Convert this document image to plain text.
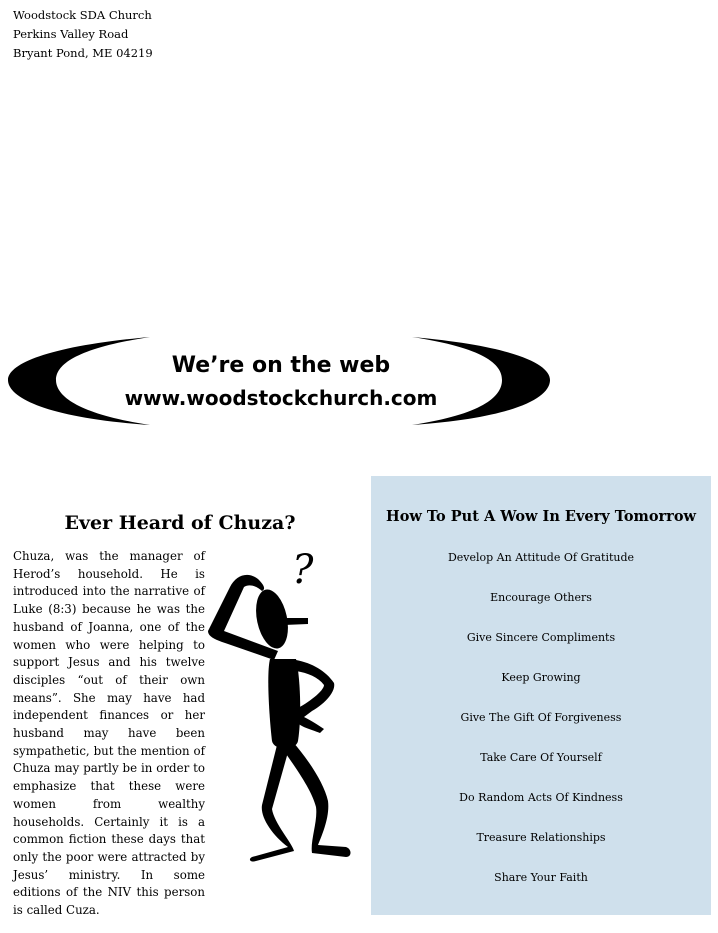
Woodstock SDA Church
Perkins Valley Road
Bryant Pond, ME 04219
We’re on the web
www.woodstockchurch.com
Ever Heard of Chuza?
Chuza, was the manager of Herod’s household. He is introduced into the narrative of Luke (8:3) because he was the husband of Joanna, one of the women who were helping to support Jesus and his twelve disciples “out of their own means”. She may have had independent finances or her husband may have been sympathetic, but the mention of Chuza may partly be in order to emphasize that these were women from wealthy households. Certainly it is a common fiction these days that only the poor were attracted by Jesus’ ministry. In some editions of the NIV this person is called Cuza.
?
How To Put A Wow In Every Tomorrow
Develop An Attitude Of Gratitude
Encourage Others
Give Sincere Compliments
Keep Growing
Give The Gift Of Forgiveness
Take Care Of Yourself
Do Random Acts Of Kindness
Treasure Relationships
Share Your Faith
